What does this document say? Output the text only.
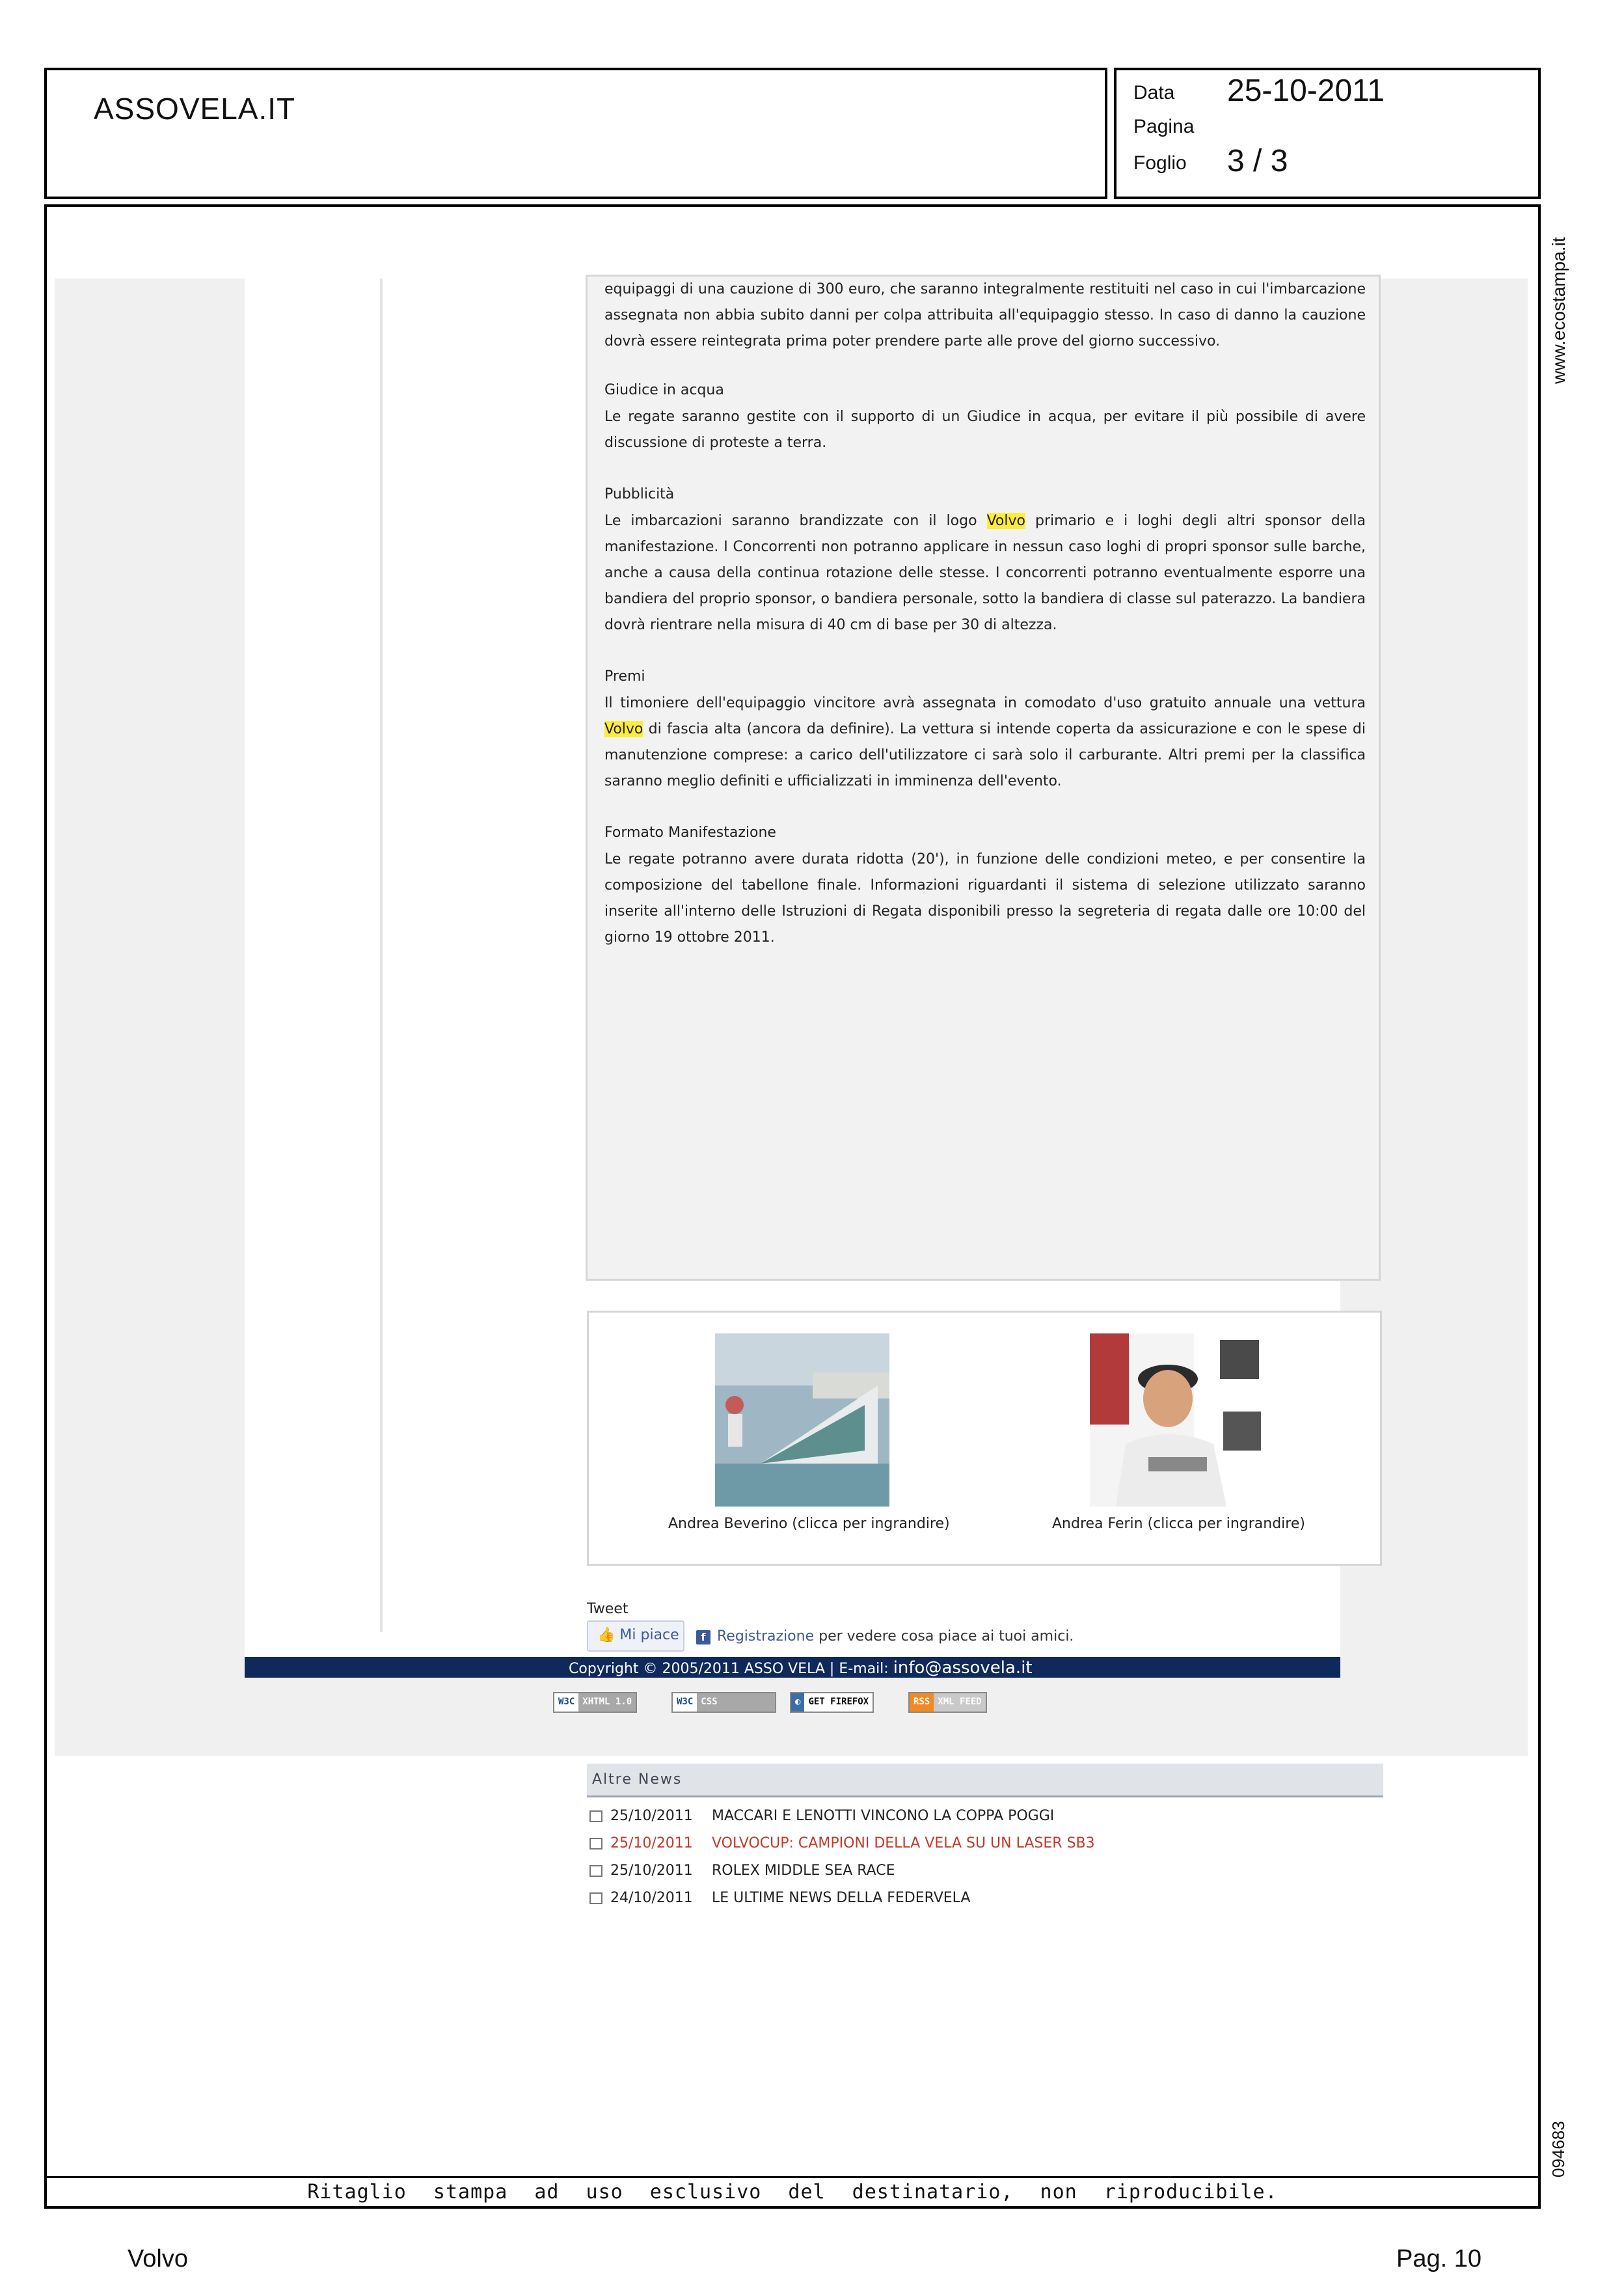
ASSOVELA.IT	Data 25-10-2011
Pagina
Foglio 3 / 3
www.ecostampa.it
094683
equipaggi di una cauzione di 300 euro, che saranno integralmente restituiti nel caso in cui l'imbarcazione assegnata non abbia subito danni per colpa attribuita all'equipaggio stesso. In caso di danno la cauzione dovrà essere reintegrata prima poter prendere parte alle prove del giorno successivo.
Giudice in acqua
Le regate saranno gestite con il supporto di un Giudice in acqua, per evitare il più possibile di avere discussione di proteste a terra.
Pubblicità
Le imbarcazioni saranno brandizzate con il logo Volvo primario e i loghi degli altri sponsor della manifestazione. I Concorrenti non potranno applicare in nessun caso loghi di propri sponsor sulle barche, anche a causa della continua rotazione delle stesse. I concorrenti potranno eventualmente esporre una bandiera del proprio sponsor, o bandiera personale, sotto la bandiera di classe sul paterazzo. La bandiera dovrà rientrare nella misura di 40 cm di base per 30 di altezza.
Premi
Il timoniere dell'equipaggio vincitore avrà assegnata in comodato d'uso gratuito annuale una vettura Volvo di fascia alta (ancora da definire). La vettura si intende coperta da assicurazione e con le spese di manutenzione comprese: a carico dell'utilizzatore ci sarà solo il carburante. Altri premi per la classifica saranno meglio definiti e ufficializzati in imminenza dell'evento.
Formato Manifestazione
Le regate potranno avere durata ridotta (20'), in funzione delle condizioni meteo, e per consentire la composizione del tabellone finale. Informazioni riguardanti il sistema di selezione utilizzato saranno inserite all'interno delle Istruzioni di Regata disponibili presso la segreteria di regata dalle ore 10:00 del giorno 19 ottobre 2011.
Andrea Beverino (clicca per ingrandire)	Andrea Ferin (clicca per ingrandire)
Tweet
👍 Mi piace	f Registrazione per vedere cosa piace ai tuoi amici.
Altre News
25/10/2011 MACCARI E LENOTTI VINCONO LA COPPA POGGI
25/10/2011 VOLVOCUP: CAMPIONI DELLA VELA SU UN LASER SB3
25/10/2011 ROLEX MIDDLE SEA RACE
24/10/2011 LE ULTIME NEWS DELLA FEDERVELA
Copyright © 2005/2011 ASSO VELA | E-mail: info@assovela.it
W3C XHTML 1.0	W3C CSS	◐ GET FIREFOX	RSS XML FEED
Ritaglio stampa ad uso esclusivo del destinatario, non riproducibile.
Volvo	Pag. 10
